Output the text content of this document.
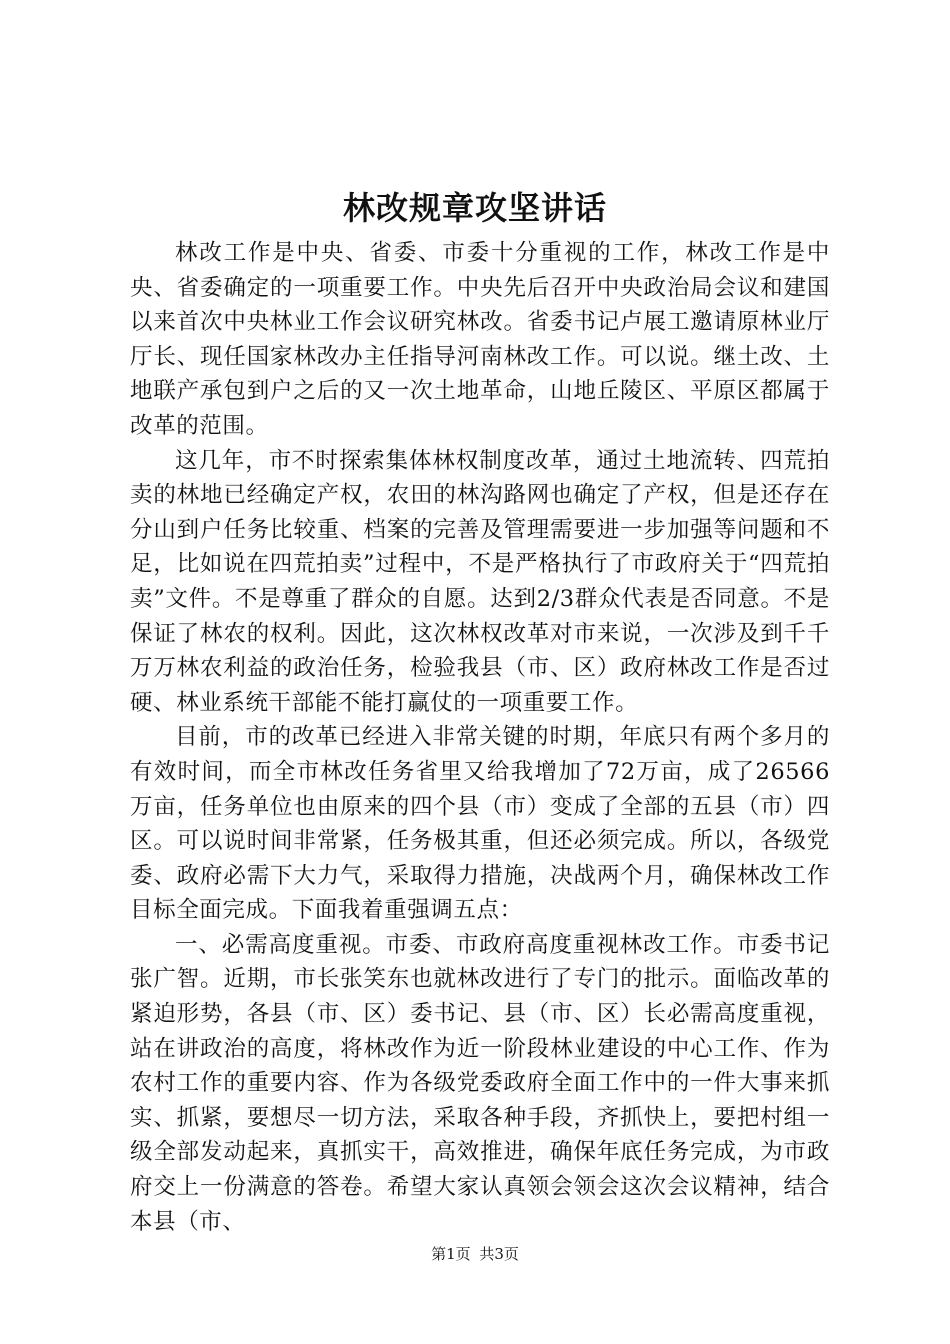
林改规章攻坚讲话

林改工作是中央、省委、市委十分重视的工作，林改工作是中央、省委确定的一项重要工作。中央先后召开中央政治局会议和建国以来首次中央林业工作会议研究林改。省委书记卢展工邀请原林业厅厅长、现任国家林改办主任指导河南林改工作。可以说。继土改、土地联产承包到户之后的又一次土地革命，山地丘陵区、平原区都属于改革的范围。

这几年，市不时探索集体林权制度改革，通过土地流转、四荒拍卖的林地已经确定产权，农田的林沟路网也确定了产权，但是还存在分山到户任务比较重、档案的完善及管理需要进一步加强等问题和不足，比如说在四荒拍卖”过程中，不是严格执行了市政府关于“四荒拍卖”文件。不是尊重了群众的自愿。达到2/3群众代表是否同意。不是保证了林农的权利。因此，这次林权改革对市来说，一次涉及到千千万万林农利益的政治任务，检验我县（市、区）政府林改工作是否过硬、林业系统干部能不能打赢仗的一项重要工作。

目前，市的改革已经进入非常关键的时期，年底只有两个多月的有效时间，而全市林改任务省里又给我增加了72万亩，成了26566万亩，任务单位也由原来的四个县（市）变成了全部的五县（市）四区。可以说时间非常紧，任务极其重，但还必须完成。所以，各级党委、政府必需下大力气，采取得力措施，决战两个月，确保林改工作目标全面完成。下面我着重强调五点：

一、必需高度重视。市委、市政府高度重视林改工作。市委书记张广智。近期，市长张笑东也就林改进行了专门的批示。面临改革的紧迫形势，各县（市、区）委书记、县（市、区）长必需高度重视，站在讲政治的高度，将林改作为近一阶段林业建设的中心工作、作为农村工作的重要内容、作为各级党委政府全面工作中的一件大事来抓实、抓紧，要想尽一切方法，采取各种手段，齐抓快上，要把村组一级全部发动起来，真抓实干，高效推进，确保年底任务完成，为市政府交上一份满意的答卷。希望大家认真领会领会这次会议精神，结合本县（市、

第1页 共3页
